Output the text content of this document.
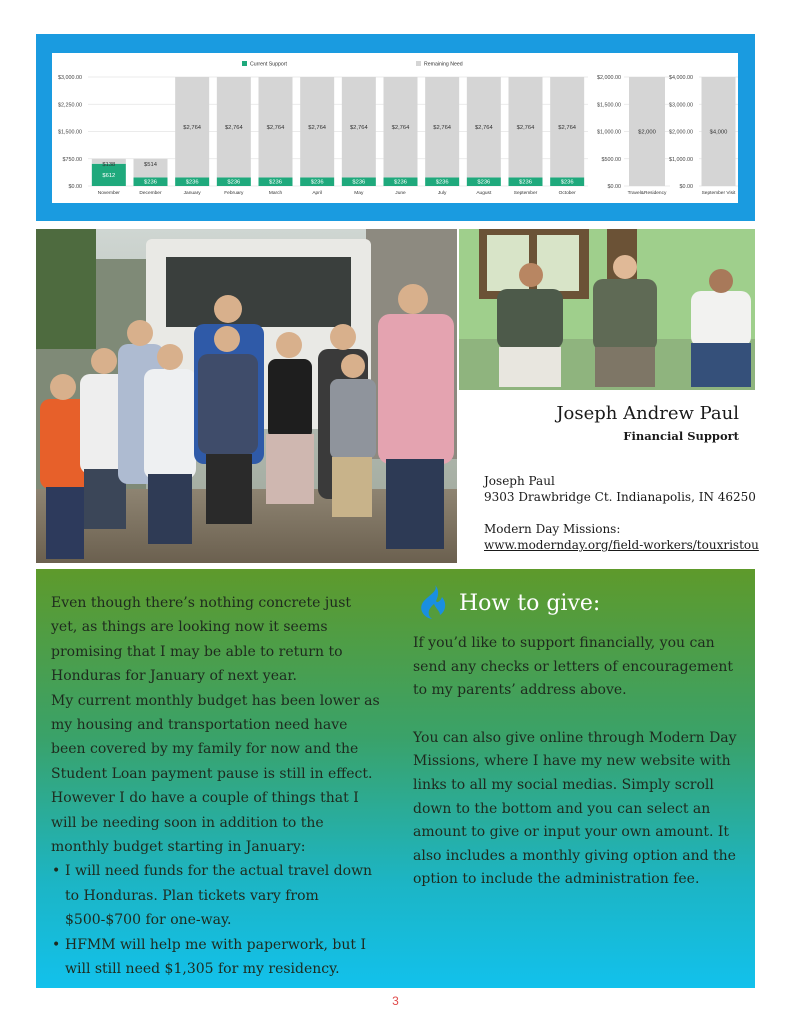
$0.00
$750.00
$1,500.00
$2,250.00
$3,000.00
$612
$138
November
$236
$514
December
$236
$2,764
January
$236
$2,764
February
$236
$2,764
March
$236
$2,764
April
$236
$2,764
May
$236
$2,764
June
$236
$2,764
July
$236
$2,764
August
$236
$2,764
September
$236
$2,764
October
Current Support	Remaining Need
$0.00
$500.00
$1,000.00
$1,500.00
$2,000.00
$2,000
Travel&Residency
$0.00
$1,000.00
$2,000.00
$3,000.00
$4,000.00
$4,000
September Visit
Joseph Andrew Paul
Financial Support
Joseph Paul
9303 Drawbridge Ct. Indianapolis, IN 46250
Modern Day Missions:
www.modernday.org/field-workers/touxristou

Even though there’s nothing concrete just yet, as things are looking now it seems promising that I may be able to return to Honduras for January of next year.

My current monthly budget has been lower as my housing and transportation need have been covered by my family for now and the Student Loan payment pause is still in effect. However I do have a couple of things that I will be needing soon in addition to the monthly budget starting in January:

• I will need funds for the actual travel down to Honduras. Plan tickets vary from $500-$700 for one-way.
• HFMM will help me with paperwork, but I will still need $1,305 for my residency.
How to give:

If you’d like to support financially, you can send any checks or letters of encouragement to my parents’ address above.

You can also give online through Modern Day Missions, where I have my new website with links to all my social medias. Simply scroll down to the bottom and you can select an amount to give or input your own amount. It also includes a monthly giving option and the option to include the administration fee.

3
